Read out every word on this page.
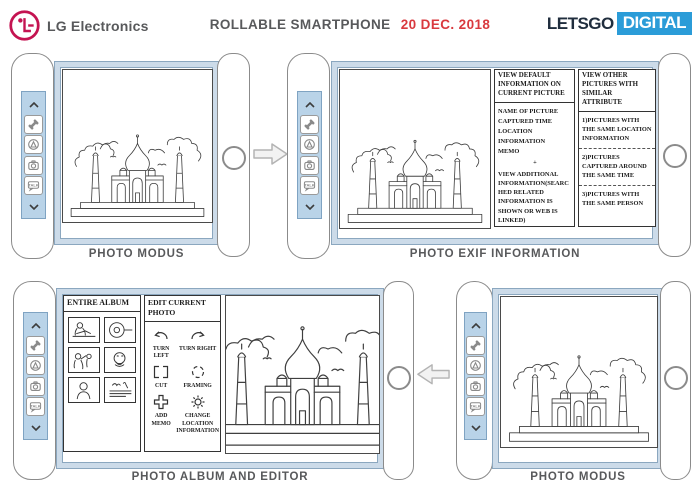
LG Electronics	ROLLABLE SMARTPHONE 20 DEC. 2018	LETSGO DIGITAL
TALK
PHOTO MODUS
TALK
VIEW DEFAULT INFORMATION ON CURRENT PICTURE
NAME OF PICTURE
CAPTURED TIME
LOCATION INFORMATION
MEMO
+
VIEW ADDITIONAL INFORMATION(SEARCHED RELATED INFORMATION IS SHOWN OR WEB IS LINKED)
VIEW OTHER PICTURES WITH SIMILAR ATTRIBUTE
1)PICTURES WITH THE SAME LOCATION INFORMATION
2)PICTURES CAPTURED AROUND THE SAME TIME
3)PICTURES WITH THE SAME PERSON
PHOTO EXIF INFORMATION
TALK
ENTIRE ALBUM	EDIT CURRENT PHOTO
TURN LEFT
TURN RIGHT
CUT	FRAMING
ADD MEMO
CHANGE LOCATION INFORMATION
PHOTO ALBUM AND EDITOR
TALK
PHOTO MODUS
